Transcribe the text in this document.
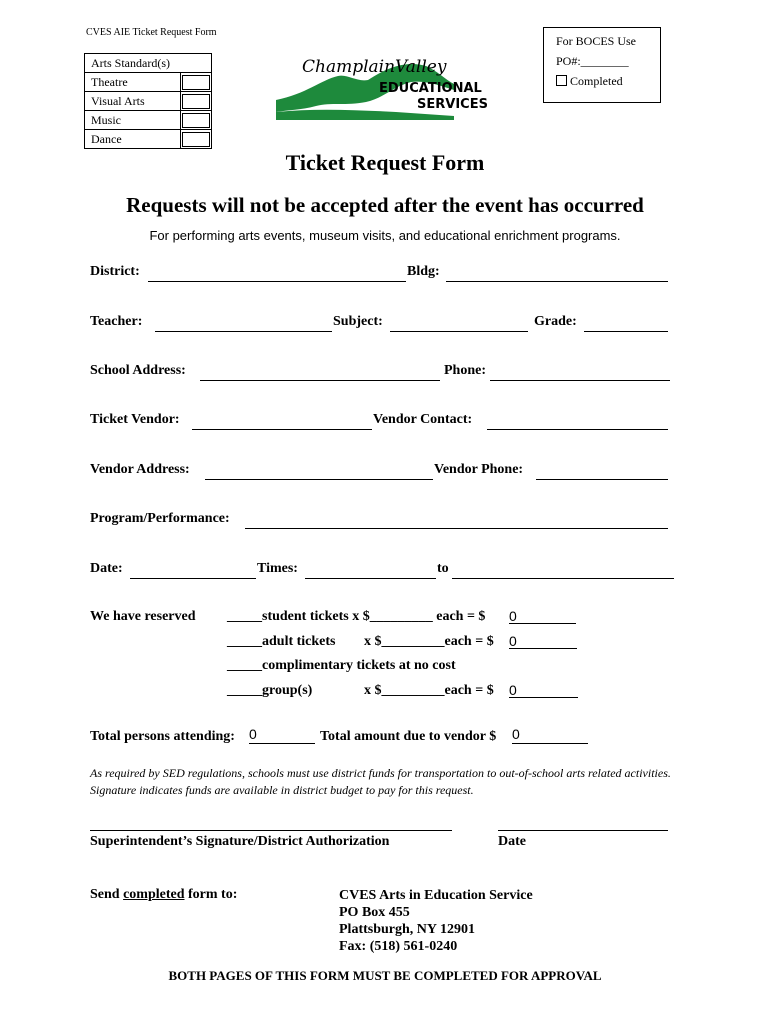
CVES AIE Ticket Request Form
Arts Standard(s)	
Theatre	

Visual Arts	

Music	

Dance	
ChamplainValley
EDUCATIONAL
SERVICES
For BOCES Use
PO#:________
Completed
Ticket Request Form
Requests will not be accepted after the event has occurred
For performing arts events, museum visits, and educational enrichment programs.
District:	Bldg:
Teacher:	Subject:	Grade:
School Address:	Phone:
Ticket Vendor:	Vendor Contact:
Vendor Address:	Vendor Phone:
Program/Performance:
Date:	Times:	to
We have reserved _____student tickets x $_________ each = $ 0
_____adult tickets x $_________each = $ 0
_____complimentary tickets at no cost
_____group(s)	x $_________each = $ 0
Total persons attending: 0	Total amount due to vendor $ 0
As required by SED regulations, schools must use district funds for transportation to out-of-school arts related activities. Signature indicates funds are available in district budget to pay for this request.
Superintendent’s Signature/District Authorization	Date
Send completed form to:	CVES Arts in Education Service
PO Box 455
Plattsburgh, NY 12901
Fax: (518) 561-0240
BOTH PAGES OF THIS FORM MUST BE COMPLETED FOR APPROVAL
